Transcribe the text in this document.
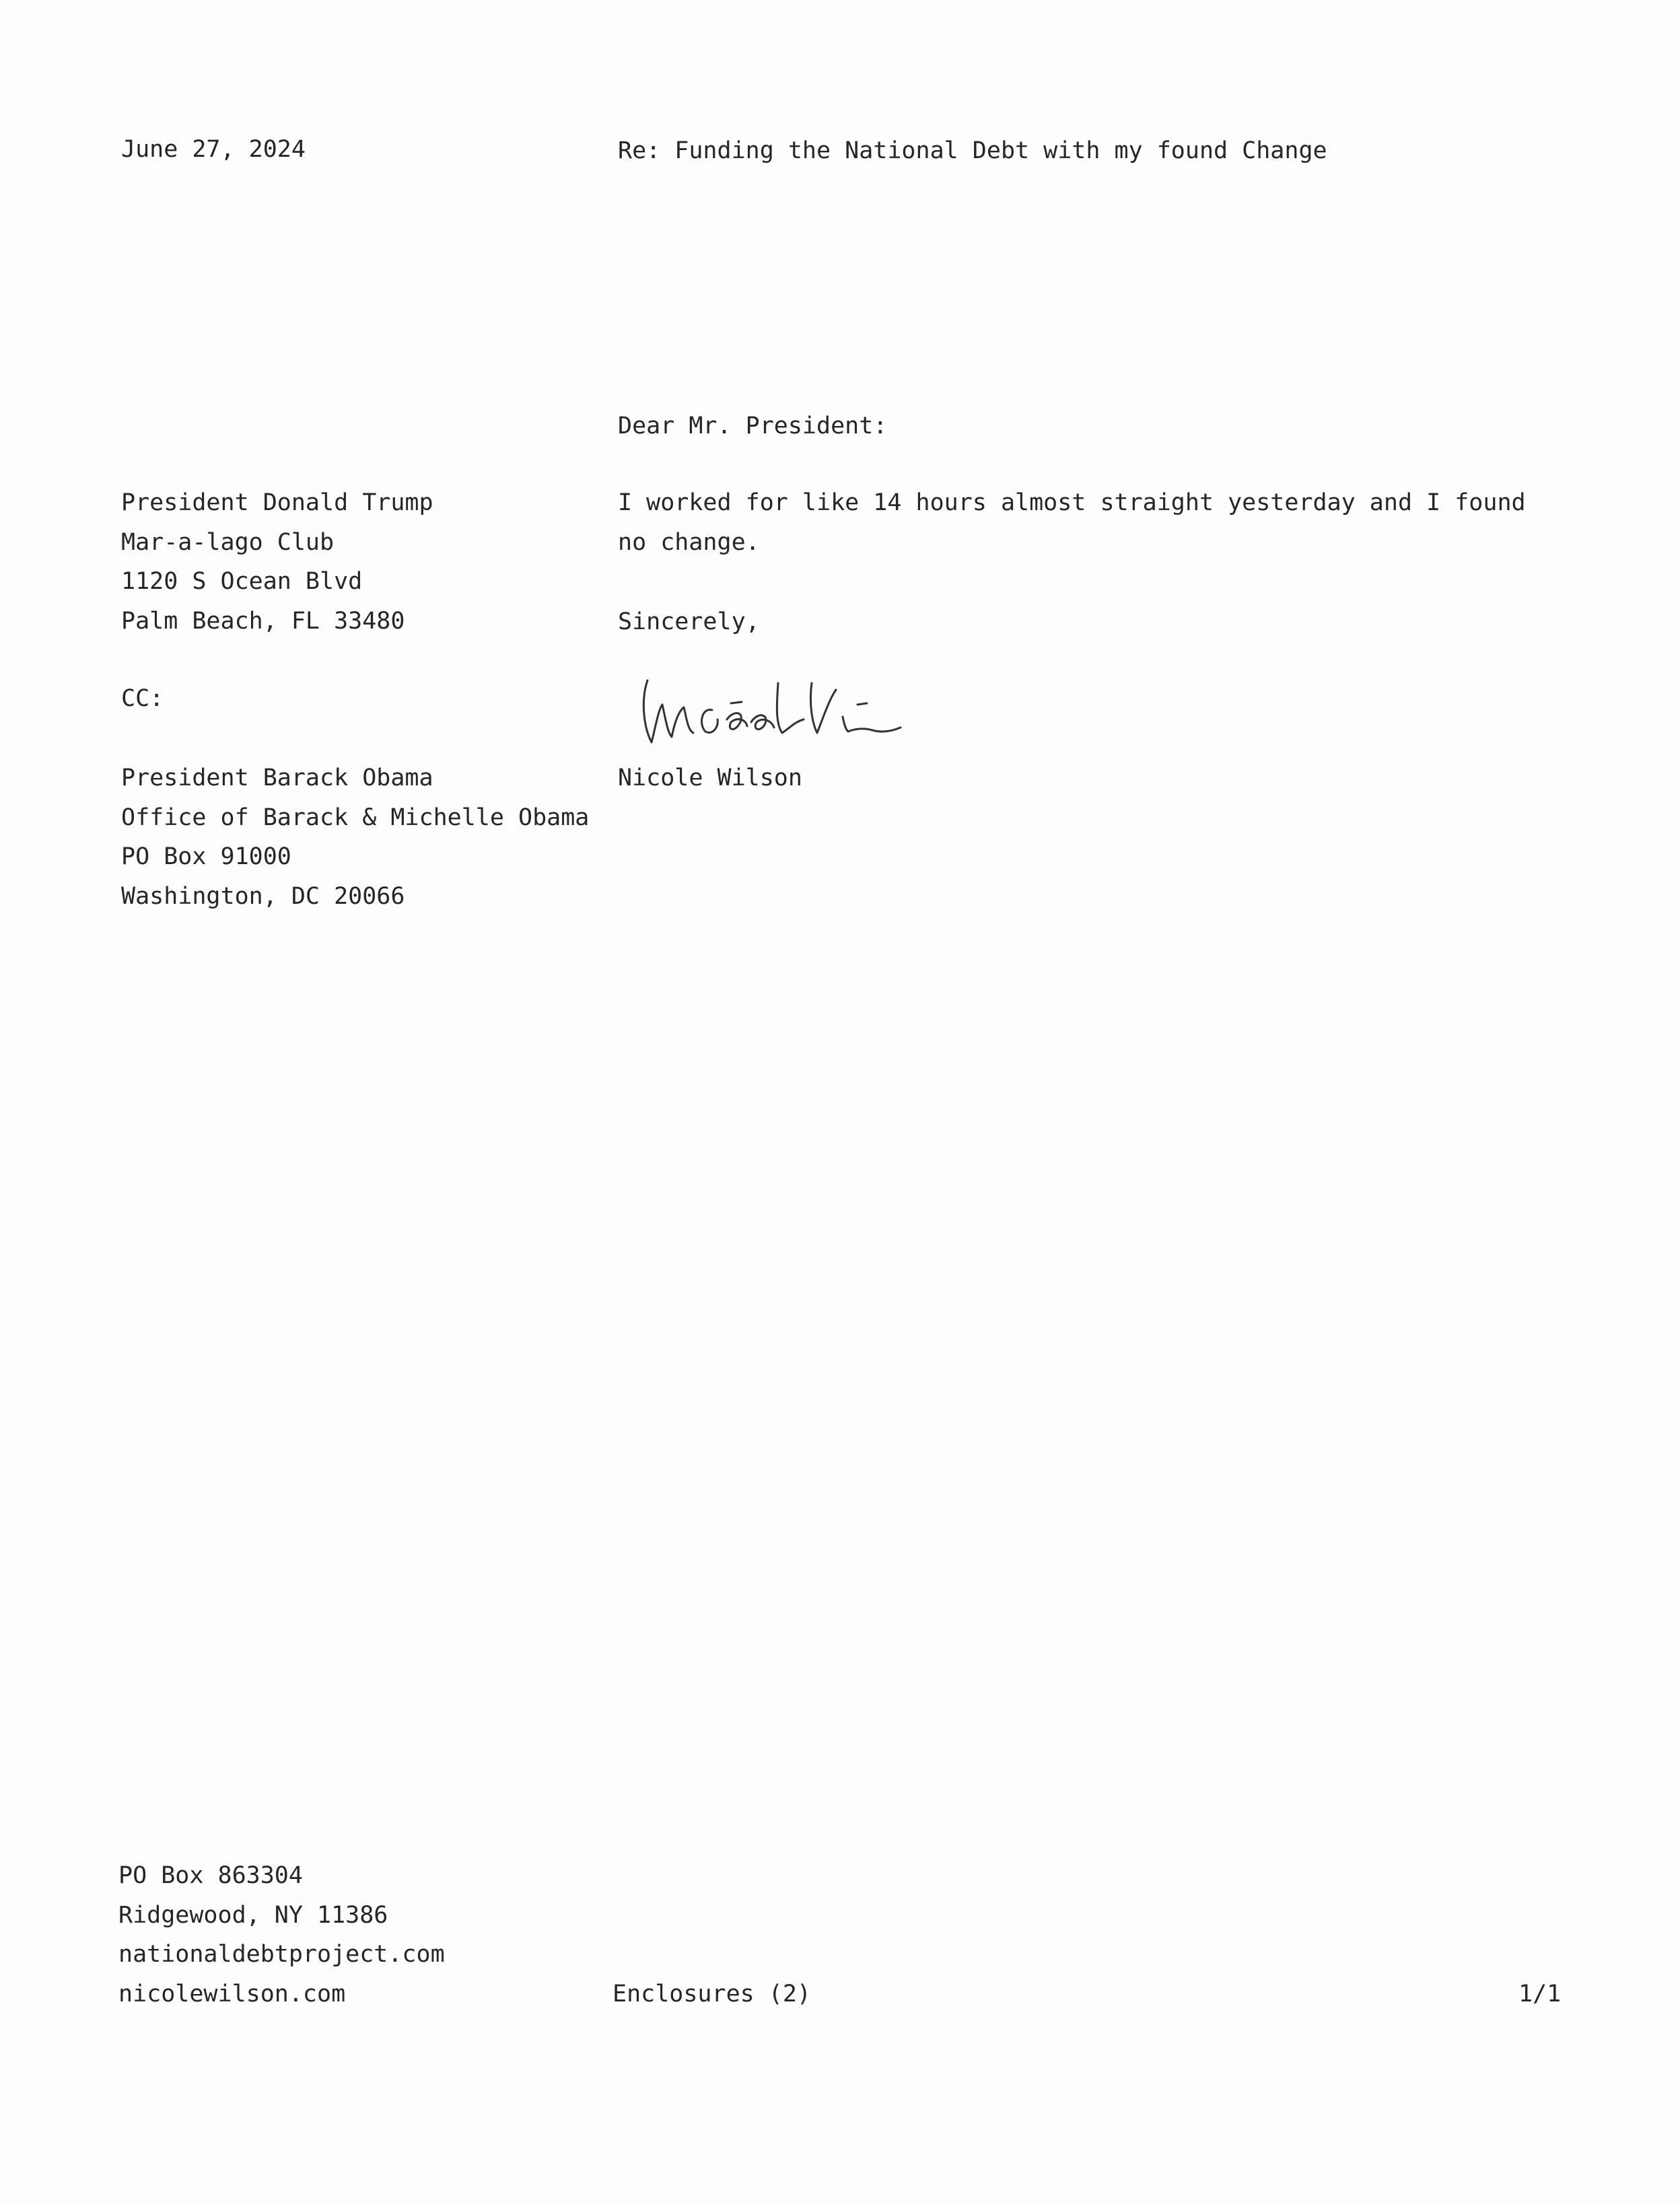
June 27, 2024	Re: Funding the National Debt with my found Change
Dear Mr. President:
President Donald Trump
Mar-a-lago Club
1120 S Ocean Blvd
Palm Beach, FL 33480
I worked for like 14 hours almost straight yesterday and I found no change.
Sincerely,
CC:
President Barack Obama
Office of Barack & Michelle Obama
PO Box 91000
Washington, DC 20066
Nicole Wilson
PO Box 863304
Ridgewood, NY 11386
nationaldebtproject.com
nicolewilson.com	Enclosures (2)	1/1
